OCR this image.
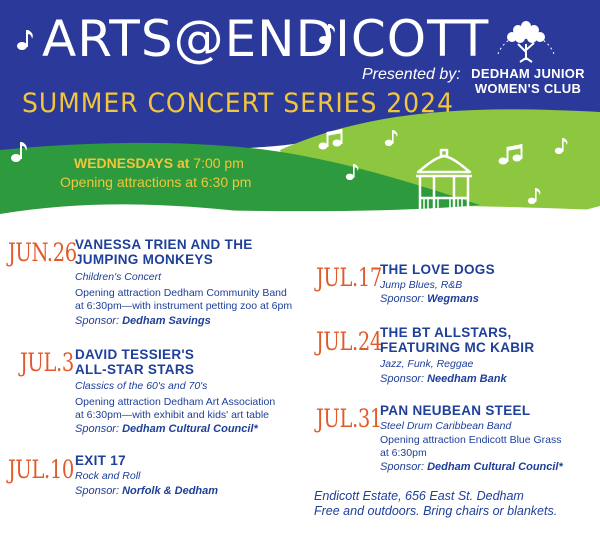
ARTS@ENDICOTT
SUMMER CONCERT SERIES 2024
Presented by: DEDHAM JUNIOR
WOMEN'S CLUB
WEDNESDAYS at 7:00 pm
Opening attractions at 6:30 pm
JUN.26
VANESSA TRIEN AND THE
JUMPING MONKEYS
Children's Concert
Opening attraction Dedham Community Band
at 6:30pm—with instrument petting zoo at 6pm
Sponsor: Dedham Savings
JUL.3 DAVID TESSIER'S
ALL-STAR STARS
Classics of the 60's and 70's
Opening attraction Dedham Art Association
at 6:30pm—with exhibit and kids' art table
Sponsor: Dedham Cultural Council*
JUL.10 EXIT 17
Rock and Roll
Sponsor: Norfolk & Dedham
JUL.17
THE LOVE DOGS
Jump Blues, R&B
Sponsor: Wegmans
JUL.24
THE BT ALLSTARS,
FEATURING MC KABIR
Jazz, Funk, Reggae
Sponsor: Needham Bank
JUL.31
PAN NEUBEAN STEEL
Steel Drum Caribbean Band
Opening attraction Endicott Blue Grass
at 6:30pm
Sponsor: Dedham Cultural Council*
Endicott Estate, 656 East St. Dedham
Free and outdoors. Bring chairs or blankets.
